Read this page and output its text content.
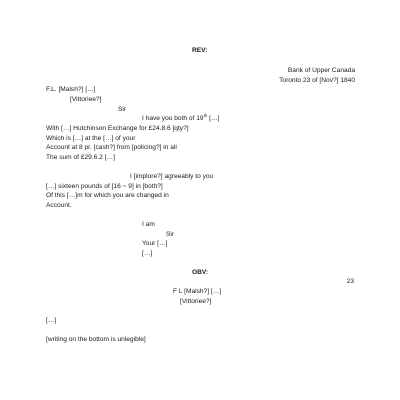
REV:
Bank of Upper Canada
Toronto 23 of [Nov?] 1840
F.L. [Malsh?] […]
[Vittoriee?]
Sir
I have you both of 19th […]
With […] Hutchinson Exchange for £24.8.6 [qty?]
Which is […] at the […] of your
Account at 8 pr. [cash?] from [policing?] in all
The sum of £29.6.2 […]
I [implore?] agreeably to you
[…] sixteen pounds of [16 ~ 9] in [both?]
Of this […]m for which you are changed in
Account.
I am
Sir
Your […]
[…]
OBV:
23
F L [Malsh?] […]
[Vittoriee?]
[…]
[writing on the bottom is unlegible]
